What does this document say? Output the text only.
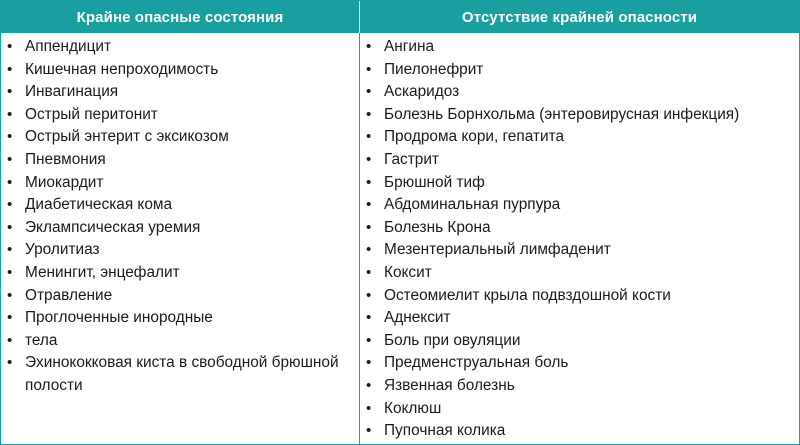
Крайне опасные состояния	Отсутствие крайней опасности
• Аппендицит
• Кишечная непроходимость
• Инвагинация
• Острый перитонит
• Острый энтерит с эксикозом
• Пневмония
• Миокардит
• Диабетическая кома
• Эклампсическая уремия
• Уролитиаз
• Менингит, энцефалит
• Отравление
• Проглоченные инородные
• тела
• Эхинококковая киста в свободной брюшной полости
• Ангина
• Пиелонефрит
• Аскаридоз
• Болезнь Борнхольма (энтеровирусная инфекция)
• Продрома кори, гепатита
• Гастрит
• Брюшной тиф
• Абдоминальная пурпура
• Болезнь Крона
• Мезентериальный лимфаденит
• Коксит
• Остеомиелит крыла подвздошной кости
• Аднексит
• Боль при овуляции
• Предменструальная боль
• Язвенная болезнь
• Коклюш
• Пупочная колика
